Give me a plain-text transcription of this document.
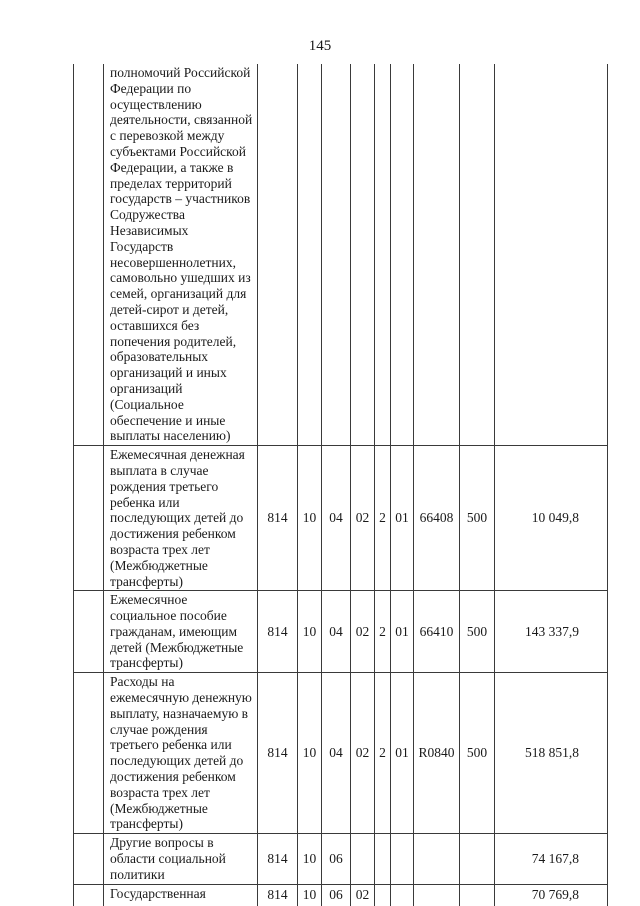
145
	полномочий Российской Федерации по осуществлению деятельности, связанной с перевозкой между субъектами Российской Федерации, а также в пределах территорий государств – участников Содружества Независимых Государств несовершеннолетних, самовольно ушедших из семей, организаций для детей-сирот и детей, оставшихся без попечения родителей, образовательных организаций и иных организаций (Социальное обеспечение и иные выплаты населению)									
	Ежемесячная денежная выплата в случае рождения третьего ребенка или последующих детей до достижения ребенком возраста трех лет (Межбюджетные трансферты)	814	10	04	02	2	01	66408	500	10 049,8
	Ежемесячное социальное пособие гражданам, имеющим детей (Межбюджетные трансферты)	814	10	04	02	2	01	66410	500	143 337,9
	Расходы на ежемесячную денежную выплату, назначаемую в случае рождения третьего ребенка или последующих детей до достижения ребенком возраста трех лет (Межбюджетные трансферты)	814	10	04	02	2	01	R0840	500	518 851,8
	Другие вопросы в области социальной политики	814	10	06						74 167,8
	Государственная	814	10	06	02					70 769,8
